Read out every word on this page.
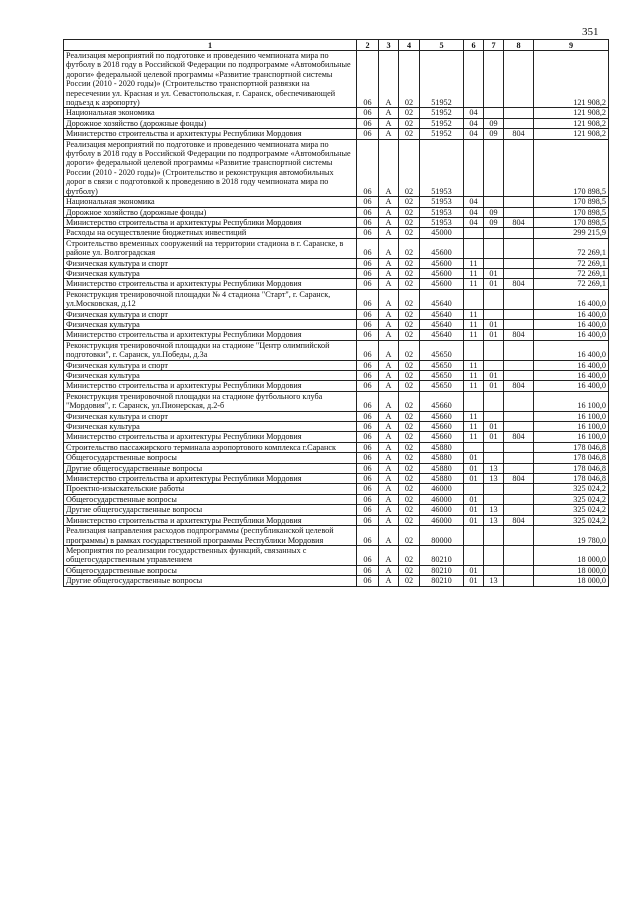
351
1	2	3	4	5	6	7	8	9
Реализация мероприятий по подготовке и проведению чемпионата мира по футболу в 2018 году в Российской Федерации по подпрограмме «Автомобильные дороги» федеральной целевой программы «Развитие транспортной системы России (2010 - 2020 годы)» (Строительство транспортной развязки на пересечении ул. Красная и ул. Севастопольская, г. Саранск, обеспечивающей подъезд к аэропорту)	06	А	02	51952				121 908,2
Национальная экономика	06	А	02	51952	04			121 908,2
Дорожное хозяйство (дорожные фонды)	06	А	02	51952	04	09		121 908,2
Министерство строительства и архитектуры Республики Мордовия	06	А	02	51952	04	09	804	121 908,2
Реализация мероприятий по подготовке и проведению чемпионата мира по футболу в 2018 году в Российской Федерации по подпрограмме «Автомобильные дороги» федеральной целевой программы «Развитие транспортной системы России (2010 - 2020 годы)» (Строительство и реконструкция автомобильных дорог в связи с подготовкой к проведению в 2018 году чемпионата мира по футболу)	06	А	02	51953				170 898,5
Национальная экономика	06	А	02	51953	04			170 898,5
Дорожное хозяйство (дорожные фонды)	06	А	02	51953	04	09		170 898,5
Министерство строительства и архитектуры Республики Мордовия	06	А	02	51953	04	09	804	170 898,5
Расходы на осуществление бюджетных инвестиций	06	А	02	45000				299 215,9
Строительство временных сооружений на территории стадиона в г. Саранске, в районе ул. Волгоградская	06	А	02	45600				72 269,1
Физическая культура и спорт	06	А	02	45600	11			72 269,1
Физическая культура	06	А	02	45600	11	01		72 269,1
Министерство строительства и архитектуры Республики Мордовия	06	А	02	45600	11	01	804	72 269,1
Реконструкция тренировочной площадки № 4 стадиона "Старт", г. Саранск, ул.Московская, д.12	06	А	02	45640				16 400,0
Физическая культура и спорт	06	А	02	45640	11			16 400,0
Физическая культура	06	А	02	45640	11	01		16 400,0
Министерство строительства и архитектуры Республики Мордовия	06	А	02	45640	11	01	804	16 400,0
Реконструкция тренировочной площадки на стадионе "Центр олимпийской подготовки", г. Саранск, ул.Победы, д.3а	06	А	02	45650				16 400,0
Физическая культура и спорт	06	А	02	45650	11			16 400,0
Физическая культура	06	А	02	45650	11	01		16 400,0
Министерство строительства и архитектуры Республики Мордовия	06	А	02	45650	11	01	804	16 400,0
Реконструкция тренировочной площадки на стадионе футбольного клуба "Мордовия", г. Саранск, ул.Пионерская, д.2-б	06	А	02	45660				16 100,0
Физическая культура и спорт	06	А	02	45660	11			16 100,0
Физическая культура	06	А	02	45660	11	01		16 100,0
Министерство строительства и архитектуры Республики Мордовия	06	А	02	45660	11	01	804	16 100,0
Строительство пассажирского терминала аэропортового комплекса г.Саранск	06	А	02	45880				178 046,8
Общегосударственные вопросы	06	А	02	45880	01			178 046,8
Другие общегосударственные вопросы	06	А	02	45880	01	13		178 046,8
Министерство строительства и архитектуры Республики Мордовия	06	А	02	45880	01	13	804	178 046,8
Проектно-изыскательские работы	06	А	02	46000				325 024,2
Общегосударственные вопросы	06	А	02	46000	01			325 024,2
Другие общегосударственные вопросы	06	А	02	46000	01	13		325 024,2
Министерство строительства и архитектуры Республики Мордовия	06	А	02	46000	01	13	804	325 024,2
Реализация направления расходов подпрограммы (республиканской целевой программы) в рамках государственной программы Республики Мордовия	06	А	02	80000				19 780,0
Мероприятия по реализации государственных функций, связанных с общегосударственным управлением	06	А	02	80210				18 000,0
Общегосударственные вопросы	06	А	02	80210	01			18 000,0
Другие общегосударственные вопросы	06	А	02	80210	01	13		18 000,0
